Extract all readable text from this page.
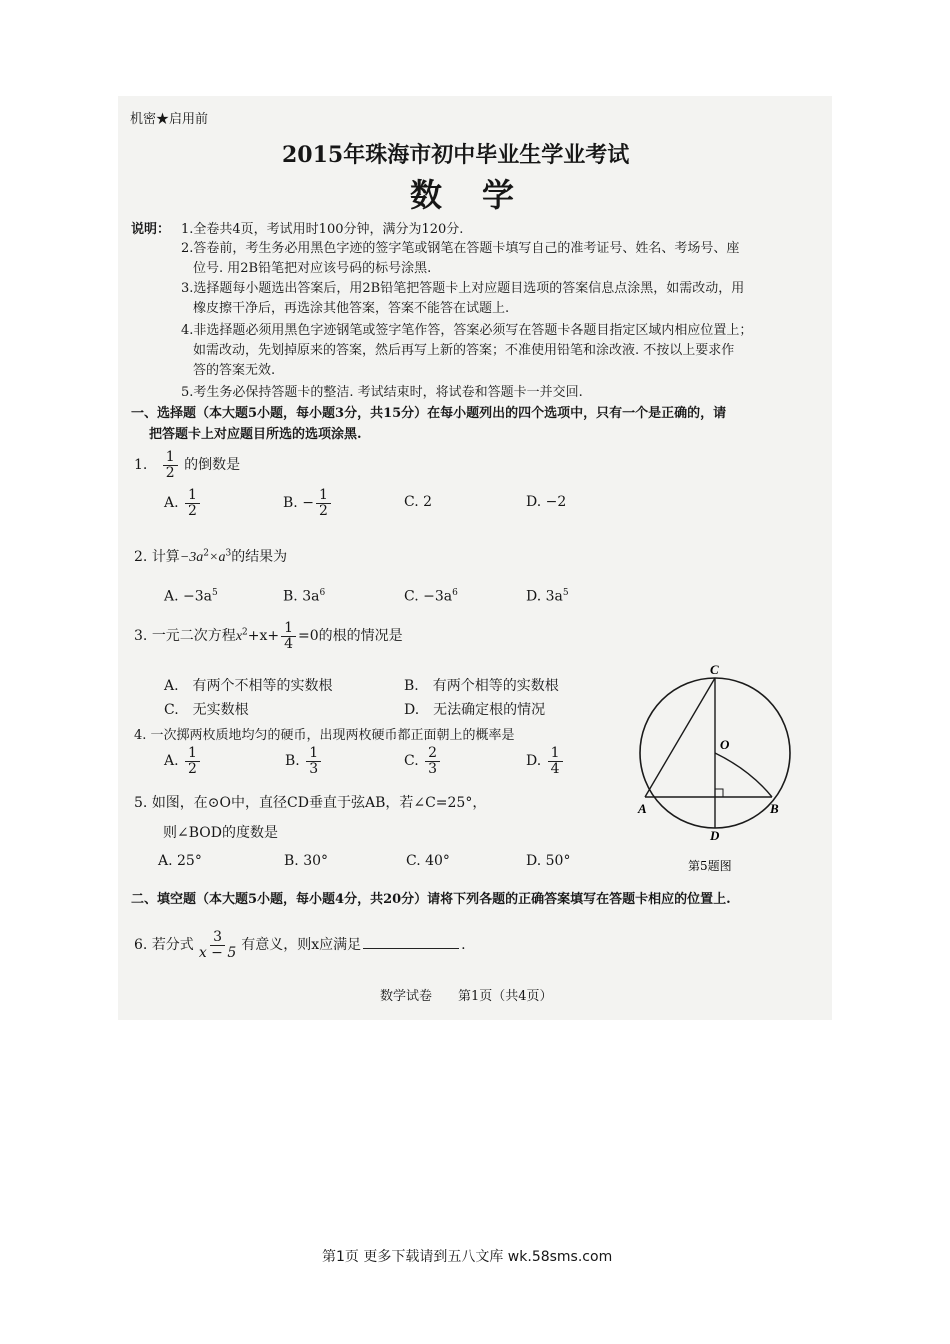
机密★启用前
2015年珠海市初中毕业生学业考试
数　学
说明： 1.全卷共4页，考试用时100分钟，满分为120分.
2.答卷前，考生务必用黑色字迹的签字笔或钢笔在答题卡填写自己的准考证号、姓名、考场号、座
位号. 用2B铅笔把对应该号码的标号涂黑.
3.选择题每小题选出答案后，用2B铅笔把答题卡上对应题目选项的答案信息点涂黑，如需改动，用
橡皮擦干净后，再选涂其他答案，答案不能答在试题上.
4.非选择题必须用黑色字迹钢笔或签字笔作答，答案必须写在答题卡各题目指定区域内相应位置上；
如需改动，先划掉原来的答案，然后再写上新的答案；不准使用铅笔和涂改液. 不按以上要求作
答的答案无效.
5.考生务必保持答题卡的整洁. 考试结束时，将试卷和答题卡一并交回.
一、选择题（本大题5小题，每小题3分，共15分）在每小题列出的四个选项中，只有一个是正确的，请
把答题卡上对应题目所选的选项涂黑.
1. $\frac{1}{2}$ 的倒数是
A. $\frac{1}{2}$	B. − $\frac{1}{2}$	C. 2	D. −2
2. 计算$-3a^2\times a^3$的结果为
A. $-3a^5$	B. $3a^6$	C. $-3a^6$	D. $3a^5$
3. 一元二次方程$x^2+x+ \frac{1}{4} =0$的根的情况是
A.　有两个不相等的实数根	B.　有两个相等的实数根
C.　无实数根	D.　无法确定根的情况
4. 一次掷两枚质地均匀的硬币，出现两枚硬币都正面朝上的概率是
A. $\frac{1}{2}$	B. $\frac{1}{3}$	C. $\frac{2}{3}$	D. $\frac{1}{4}$
5. 如图，在⊙O中，直径CD垂直于弦AB，若∠C=25°，
则∠BOD的度数是
A. 25°	B. 30°	C. 40°	D. 50°
C
O
A	B
D
第5题图
二、填空题（本大题5小题，每小题4分，共20分）请将下列各题的正确答案填写在答题卡相应的位置上.
6. 若分式 $\frac{3}{x - 5}$ 有意义，则x应满足	.
数学试卷　　第1页（共4页）
第1页 更多下载请到五八文库 wk.58sms.com
